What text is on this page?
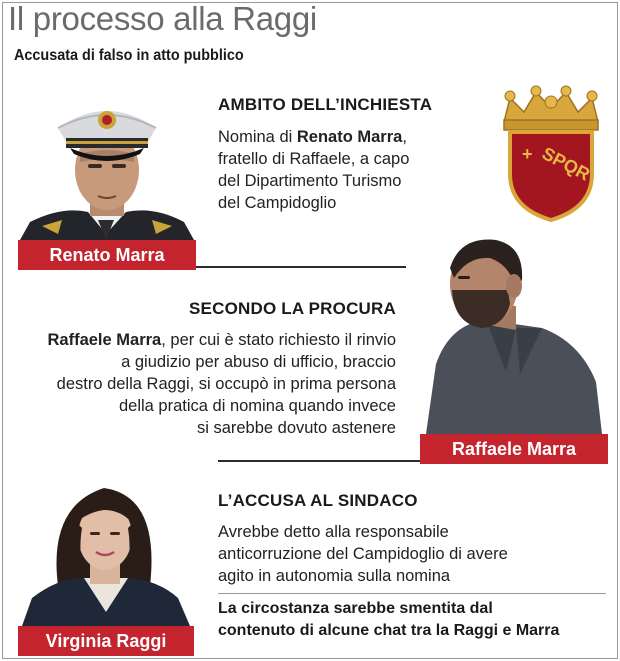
Il processo alla Raggi
Accusata di falso in atto pubblico
Renato Marra
AMBITO DELL’INCHIESTA
Nomina di Renato Marra,
fratello di Raffaele, a capo
del Dipartimento Turismo
del Campidoglio
+ SPQR
SECONDO LA PROCURA
Raffaele Marra, per cui è stato richiesto il rinvio
a giudizio per abuso di ufficio, braccio
destro della Raggi, si occupò in prima persona
della pratica di nomina quando invece
si sarebbe dovuto astenere
Raffaele Marra
Virginia Raggi
L’ACCUSA AL SINDACO
Avrebbe detto alla responsabile
anticorruzione del Campidoglio di avere
agito in autonomia sulla nomina
La circostanza sarebbe smentita dal
contenuto di alcune chat tra la Raggi e Marra
